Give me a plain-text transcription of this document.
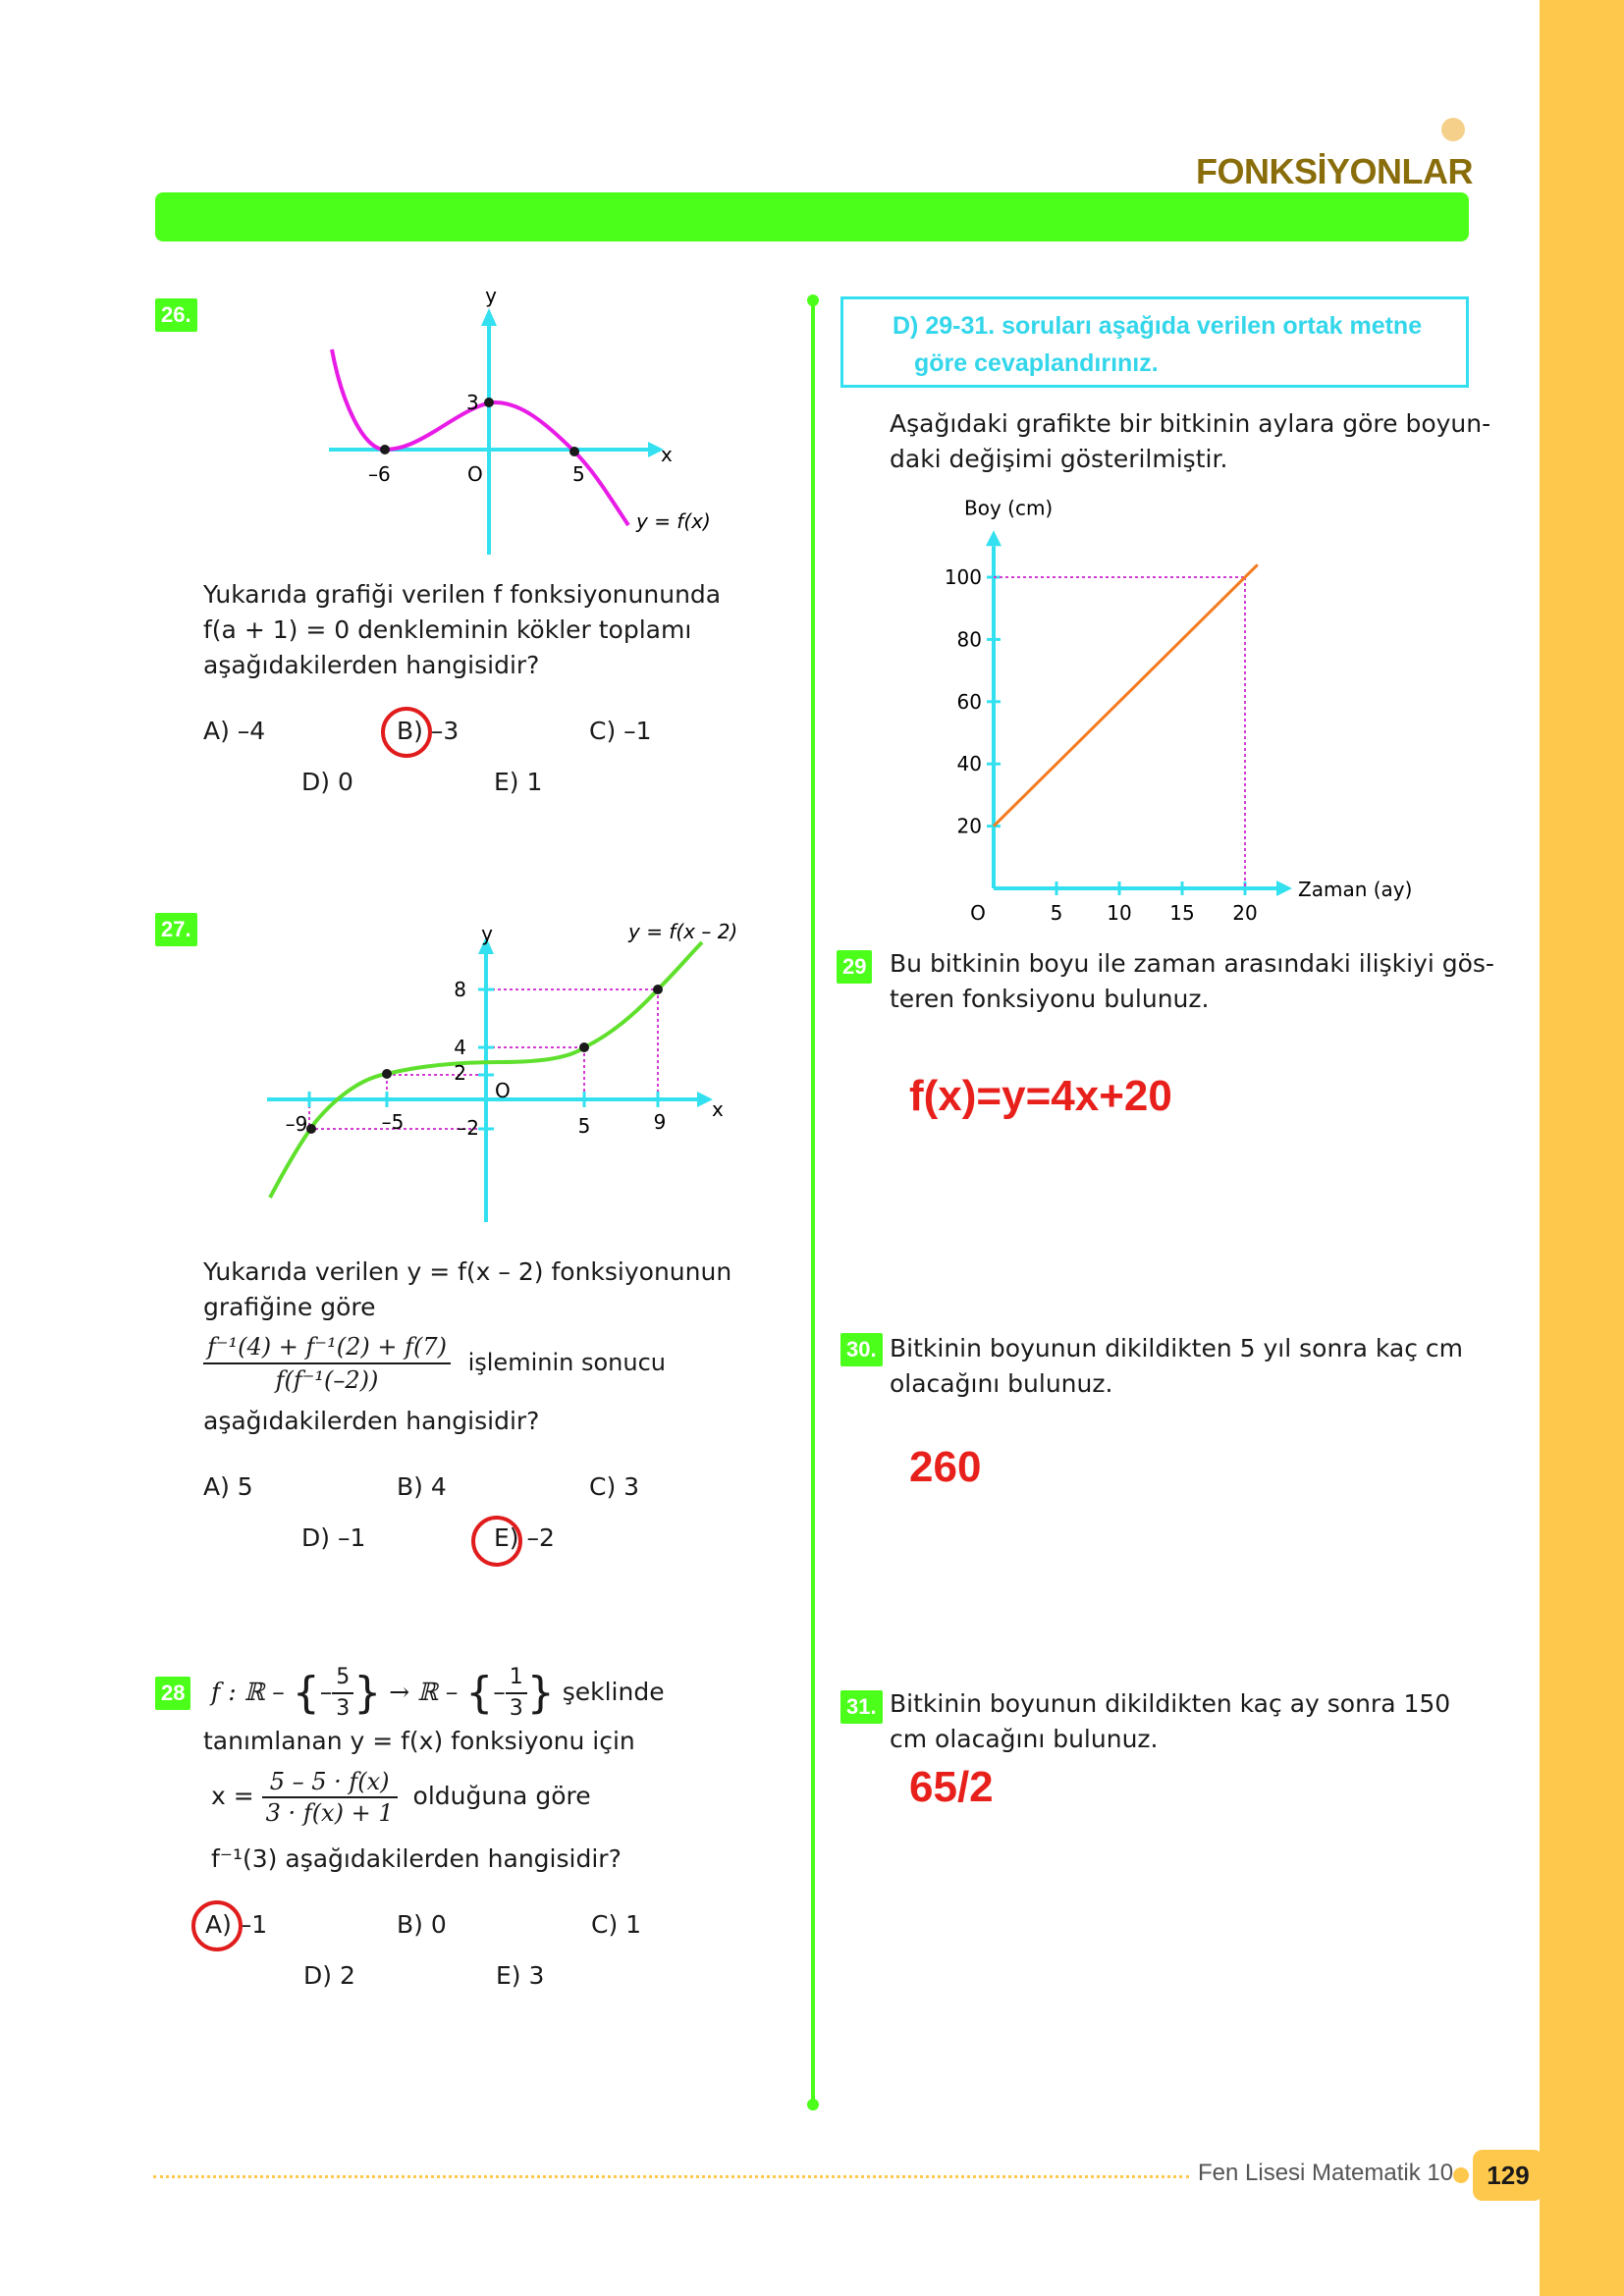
FONKSİYONLAR
26.
y
x
O
3
–6	5
y = f(x)
Yukarıda grafiği verilen f fonksiyonununda
f(a + 1) = 0 denkleminin kökler toplamı
aşağıdakilerden hangisidir?
A) –4	B) –3	C) –1
D) 0	E) 1
27.	y
x
O
y = f(x – 2)
8
4
2
–2
–9	–5	5	9
Yukarıda verilen y = f(x – 2) fonksiyonunun
grafiğine göre
$\frac{\text{f⁻¹(4) + f⁻¹(2) + f(7)}}{\text{f(f⁻¹(–2))}}$ işleminin sonucu
aşağıdakilerden hangisidir?
A) 5	B) 4	C) 3
D) –1	E) –2
28 f : ℝ – {– $\frac{5}{3}$ } → ℝ – {– $\frac{1}{3}$ } şeklinde
tanımlanan y = f(x) fonksiyonu için
$x = \frac{5 - 5 \cdot f(x)}{3 \cdot f(x) + 1}$ olduğuna göre
f⁻¹(3) aşağıdakilerden hangisidir?
A) –1	B) 0	C) 1
D) 2	E) 3
D) 29-31. soruları aşağıda verilen ortak metne
göre cevaplandırınız.
Aşağıdaki grafikte bir bitkinin aylara göre boyun-
daki değişimi gösterilmiştir.
Boy (cm)
Zaman (ay)
O	5 10 15 20
20
40
60
80
100
29 Bu bitkinin boyu ile zaman arasındaki ilişkiyi gös-
teren fonksiyonu bulunuz.
f(x)=y=4x+20
30. Bitkinin boyunun dikildikten 5 yıl sonra kaç cm
olacağını bulunuz.
260
31. Bitkinin boyunun dikildikten kaç ay sonra 150
cm olacağını bulunuz.
65/2
Fen Lisesi Matematik 10	129
